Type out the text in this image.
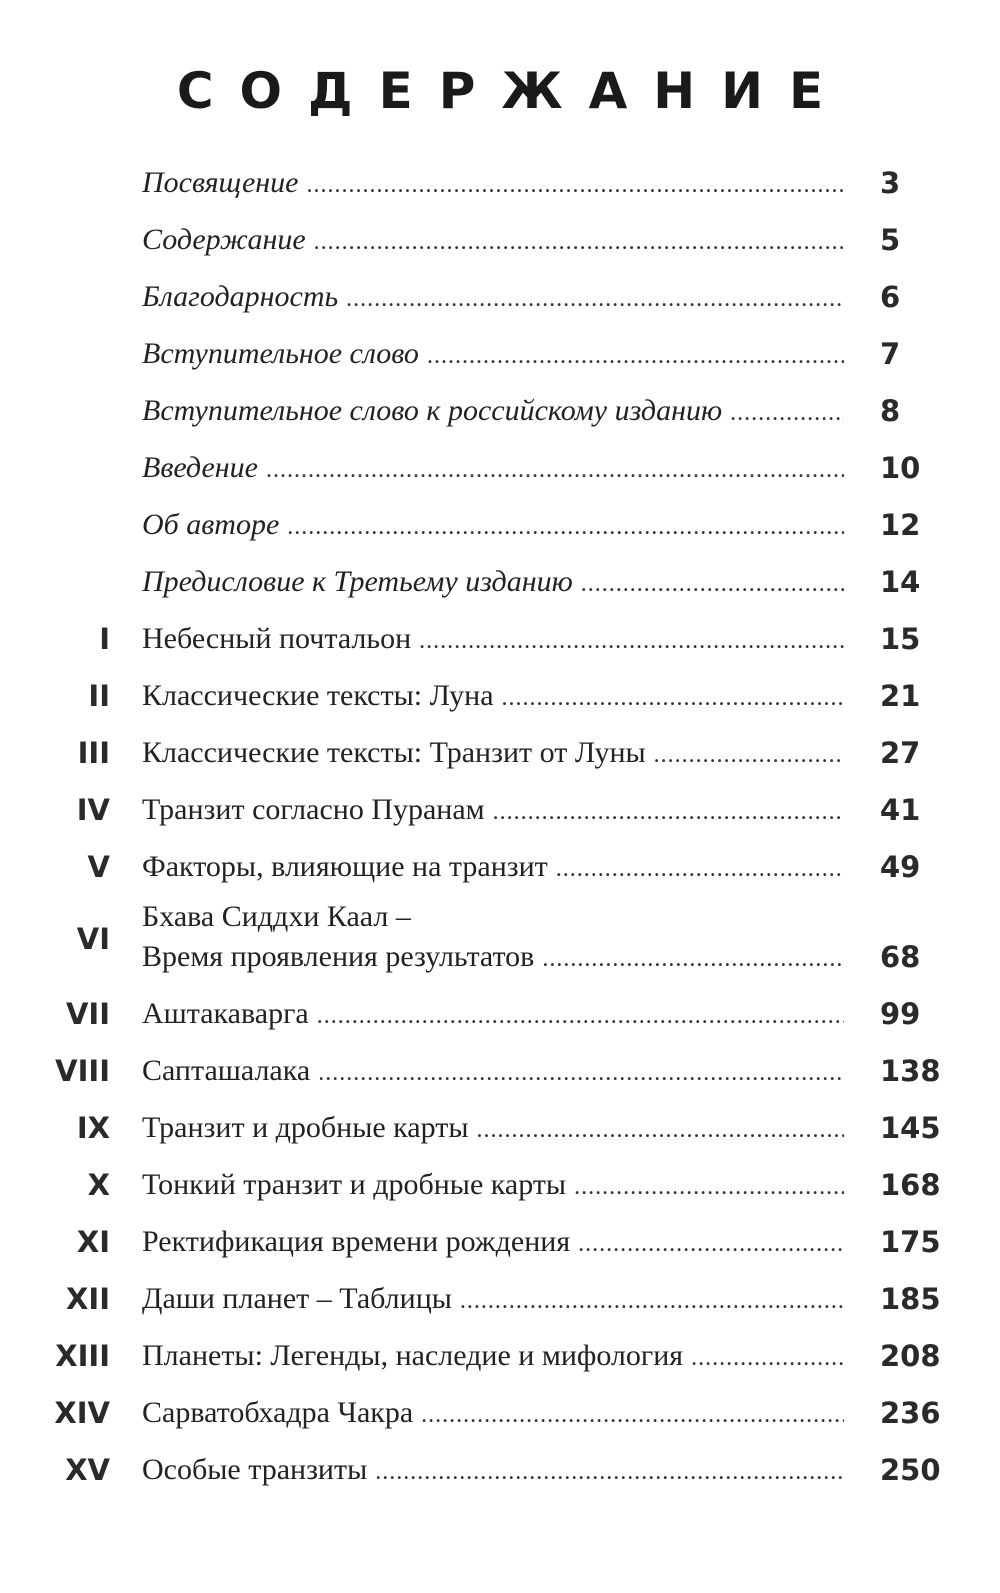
СОДЕРЖАНИЕ
Посвящение .....	3
Содержание .....	5
Благодарность .....	6
Вступительное слово .....	7
Вступительное слово к российскому изданию .....	8
Введение .....	10
Об авторе .....	12
Предисловие к Третьему изданию .....	14
I Небесный почтальон .....	15
II Классические тексты: Луна .....	21
III Классические тексты: Транзит от Луны .....	27
IV Транзит согласно Пуранам .....	41
V Факторы, влияющие на транзит .....	49
VI
Бхава Сиддхи Каал –
Время проявления результатов .....	68
VII Аштакаварга .....	99
VIII Сапташалака .....	138
IX Транзит и дробные карты .....	145
X Тонкий транзит и дробные карты .....	168
XI Ректификация времени рождения .....	175
XII Даши планет – Таблицы .....	185
XIII Планеты: Легенды, наследие и мифология .....	208
XIV Сарватобхадра Чакра .....	236
XV Особые транзиты .....	250
